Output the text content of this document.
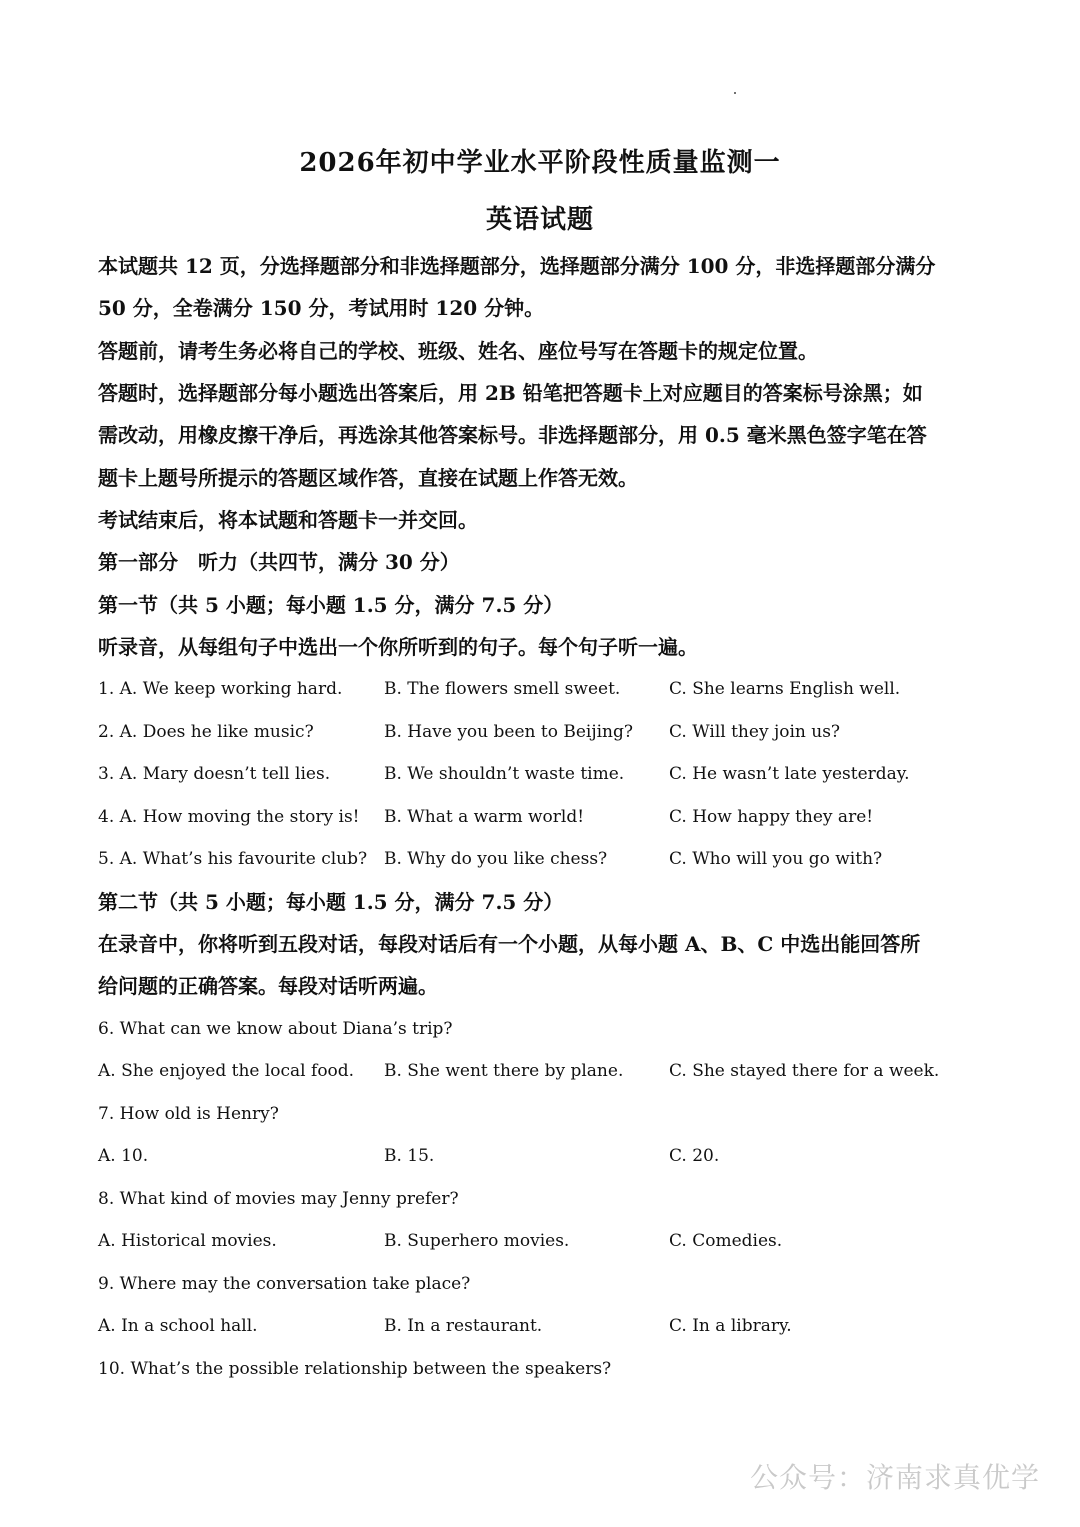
2026年初中学业水平阶段性质量监测一
英语试题
本试题共 12 页，分选择题部分和非选择题部分，选择题部分满分 100 分，非选择题部分满分
50 分，全卷满分 150 分，考试用时 120 分钟。
答题前，请考生务必将自己的学校、班级、姓名、座位号写在答题卡的规定位置。
答题时，选择题部分每小题选出答案后，用 2B 铅笔把答题卡上对应题目的答案标号涂黑；如
需改动，用橡皮擦干净后，再选涂其他答案标号。非选择题部分，用 0.5 毫米黑色签字笔在答
题卡上题号所提示的答题区域作答，直接在试题上作答无效。
考试结束后，将本试题和答题卡一并交回。
第一部分　听力（共四节，满分 30 分）
第一节（共 5 小题；每小题 1.5 分，满分 7.5 分）
听录音，从每组句子中选出一个你所听到的句子。每个句子听一遍。
1. A. We keep working hard. B. The flowers smell sweet.	C. She learns English well.
2. A. Does he like music?	B. Have you been to Beijing? C. Will they join us?
3. A. Mary doesn’t tell lies.	B. We shouldn’t waste time.	C. He wasn’t late yesterday.
4. A. How moving the story is! B. What a warm world!	C. How happy they are!
5. A. What’s his favourite club? B. Why do you like chess?	C. Who will you go with?
第二节（共 5 小题；每小题 1.5 分，满分 7.5 分）
在录音中，你将听到五段对话，每段对话后有一个小题，从每小题 A、B、C 中选出能回答所
给问题的正确答案。每段对话听两遍。
6. What can we know about Diana’s trip?
A. She enjoyed the local food. B. She went there by plane.	C. She stayed there for a week.
7. How old is Henry?
A. 10.	B. 15.	C. 20.
8. What kind of movies may Jenny prefer?
A. Historical movies.	B. Superhero movies.	C. Comedies.
9. Where may the conversation take place?
A. In a school hall.	B. In a restaurant.	C. In a library.
10. What’s the possible relationship between the speakers?
公众号：济南求真优学
